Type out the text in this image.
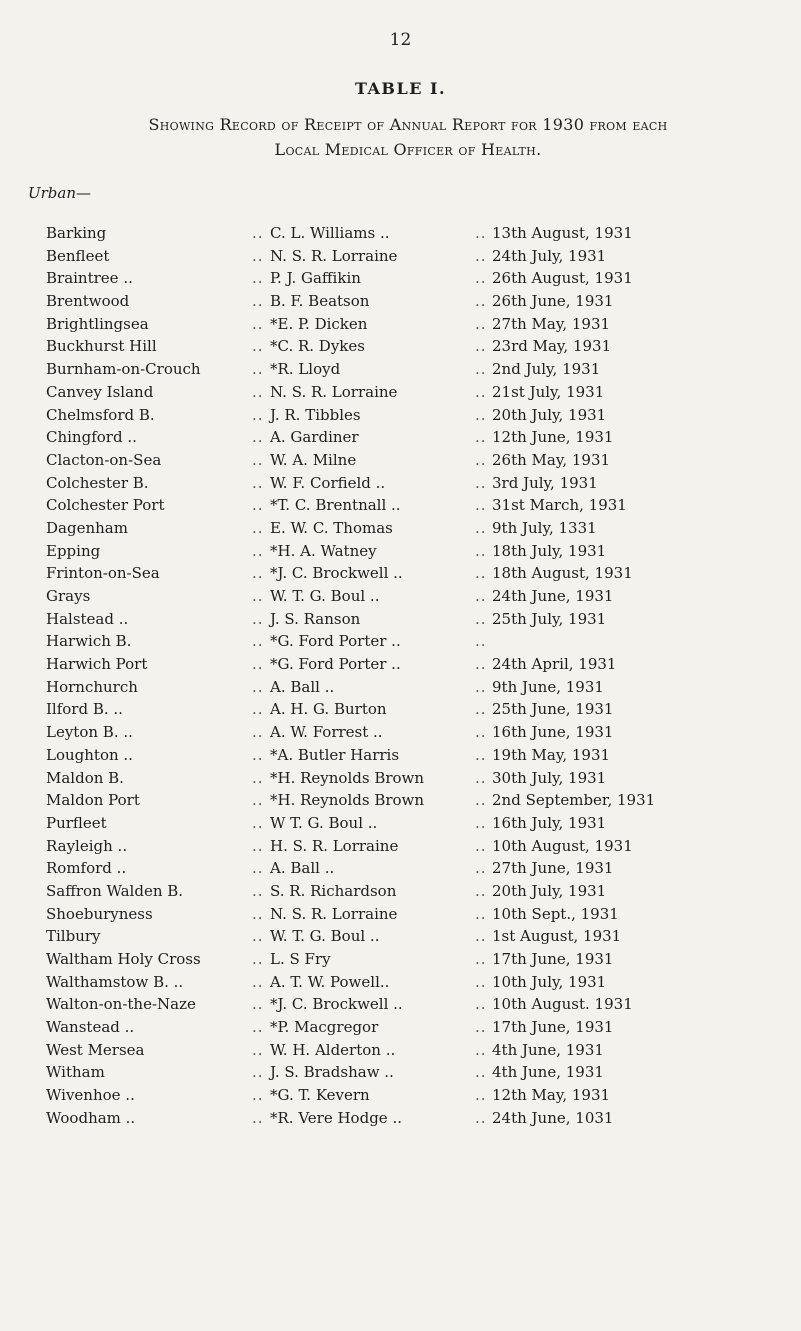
12
TABLE I.
Showing Record of Receipt of Annual Report for 1930 from each
Local Medical Officer of Health.
Urban—
Barking	.. C. L. Williams ..	.. 13th August, 1931
Benfleet	.. N. S. R. Lorraine	.. 24th July, 1931
Braintree ..	.. P. J. Gaffikin	.. 26th August, 1931
Brentwood	.. B. F. Beatson	.. 26th June, 1931
Brightlingsea	.. *E. P. Dicken	.. 27th May, 1931
Buckhurst Hill	.. *C. R. Dykes	.. 23rd May, 1931
Burnham-on-Crouch	.. *R. Lloyd	.. 2nd July, 1931
Canvey Island	.. N. S. R. Lorraine	.. 21st July, 1931
Chelmsford B.	.. J. R. Tibbles	.. 20th July, 1931
Chingford ..	.. A. Gardiner	.. 12th June, 1931
Clacton-on-Sea	.. W. A. Milne	.. 26th May, 1931
Colchester B.	.. W. F. Corfield ..	.. 3rd July, 1931
Colchester Port	.. *T. C. Brentnall ..	.. 31st March, 1931
Dagenham	.. E. W. C. Thomas	.. 9th July, 1331
Epping	.. *H. A. Watney	.. 18th July, 1931
Frinton-on-Sea	.. *J. C. Brockwell ..	.. 18th August, 1931
Grays	.. W. T. G. Boul ..	.. 24th June, 1931
Halstead ..	.. J. S. Ranson	.. 25th July, 1931
Harwich B.	.. *G. Ford Porter ..	..
Harwich Port	.. *G. Ford Porter ..	.. 24th April, 1931
Hornchurch	.. A. Ball ..	.. 9th June, 1931
Ilford B. ..	.. A. H. G. Burton	.. 25th June, 1931
Leyton B. ..	.. A. W. Forrest ..	.. 16th June, 1931
Loughton ..	.. *A. Butler Harris	.. 19th May, 1931
Maldon B.	.. *H. Reynolds Brown	.. 30th July, 1931
Maldon Port	.. *H. Reynolds Brown	.. 2nd September, 1931
Purfleet	.. W T. G. Boul ..	.. 16th July, 1931
Rayleigh ..	.. H. S. R. Lorraine	.. 10th August, 1931
Romford ..	.. A. Ball ..	.. 27th June, 1931
Saffron Walden B.	.. S. R. Richardson	.. 20th July, 1931
Shoeburyness	.. N. S. R. Lorraine	.. 10th Sept., 1931
Tilbury	.. W. T. G. Boul ..	.. 1st August, 1931
Waltham Holy Cross	.. L. S Fry	.. 17th June, 1931
Walthamstow B. ..	.. A. T. W. Powell..	.. 10th July, 1931
Walton-on-the-Naze	.. *J. C. Brockwell ..	.. 10th August. 1931
Wanstead ..	.. *P. Macgregor	.. 17th June, 1931
West Mersea	.. W. H. Alderton ..	.. 4th June, 1931
Witham	.. J. S. Bradshaw ..	.. 4th June, 1931
Wivenhoe ..	.. *G. T. Kevern	.. 12th May, 1931
Woodham ..	.. *R. Vere Hodge ..	.. 24th June, 1031
